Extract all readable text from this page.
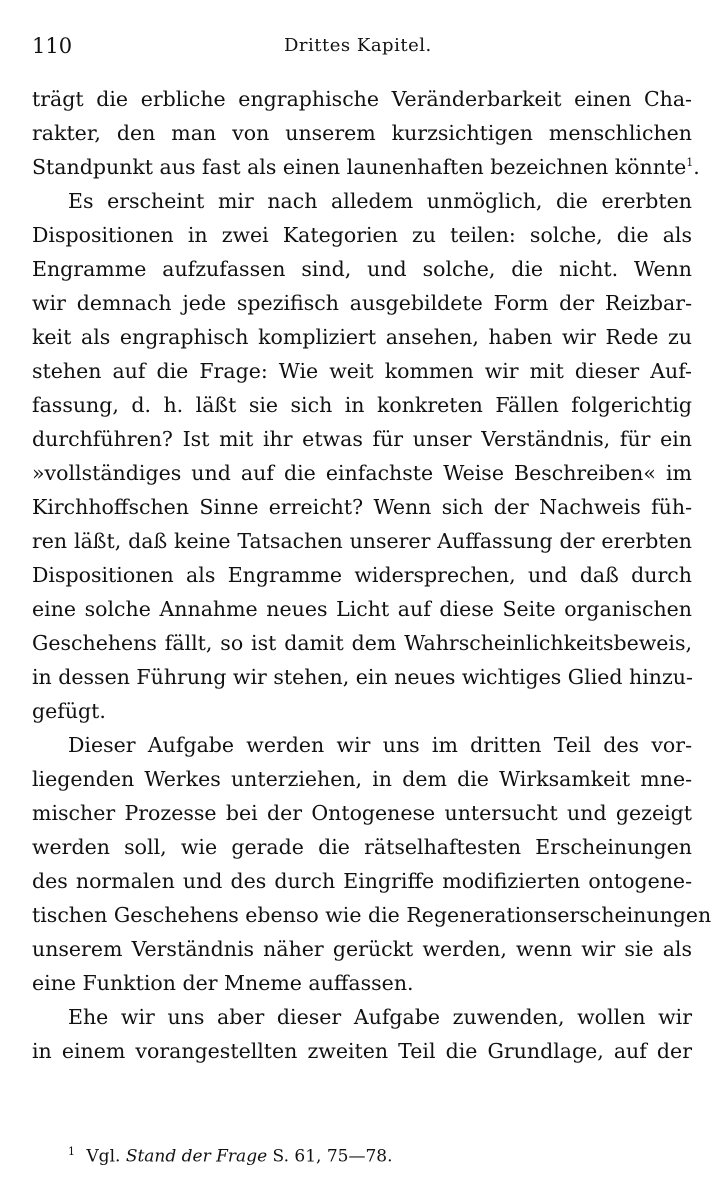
110	Drittes Kapitel.
trägt die erbliche engraphische Veränderbarkeit einen Cha-
rakter, den man von unserem kurzsichtigen menschlichen
Standpunkt aus fast als einen launenhaften bezeichnen könnte$^1$.
Es erscheint mir nach alledem unmöglich, die ererbten
Dispositionen in zwei Kategorien zu teilen: solche, die als
Engramme aufzufassen sind, und solche, die nicht. Wenn
wir demnach jede spezifisch ausgebildete Form der Reizbar-
keit als engraphisch kompliziert ansehen, haben wir Rede zu
stehen auf die Frage: Wie weit kommen wir mit dieser Auf-
fassung, d. h. läßt sie sich in konkreten Fällen folgerichtig
durchführen? Ist mit ihr etwas für unser Verständnis, für ein
»vollständiges und auf die einfachste Weise Beschreiben« im
Kirchhoffschen Sinne erreicht? Wenn sich der Nachweis füh-
ren läßt, daß keine Tatsachen unserer Auffassung der ererbten
Dispositionen als Engramme widersprechen, und daß durch
eine solche Annahme neues Licht auf diese Seite organischen
Geschehens fällt, so ist damit dem Wahrscheinlichkeitsbeweis,
in dessen Führung wir stehen, ein neues wichtiges Glied hinzu-
gefügt.
Dieser Aufgabe werden wir uns im dritten Teil des vor-
liegenden Werkes unterziehen, in dem die Wirksamkeit mne-
mischer Prozesse bei der Ontogenese untersucht und gezeigt
werden soll, wie gerade die rätselhaftesten Erscheinungen
des normalen und des durch Eingriffe modifizierten ontogene-
tischen Geschehens ebenso wie die Regenerationserscheinungen
unserem Verständnis näher gerückt werden, wenn wir sie als
eine Funktion der Mneme auffassen.
Ehe wir uns aber dieser Aufgabe zuwenden, wollen wir
in einem vorangestellten zweiten Teil die Grundlage, auf der
$^1$ Vgl. Stand der Frage S. 61, 75—78.
